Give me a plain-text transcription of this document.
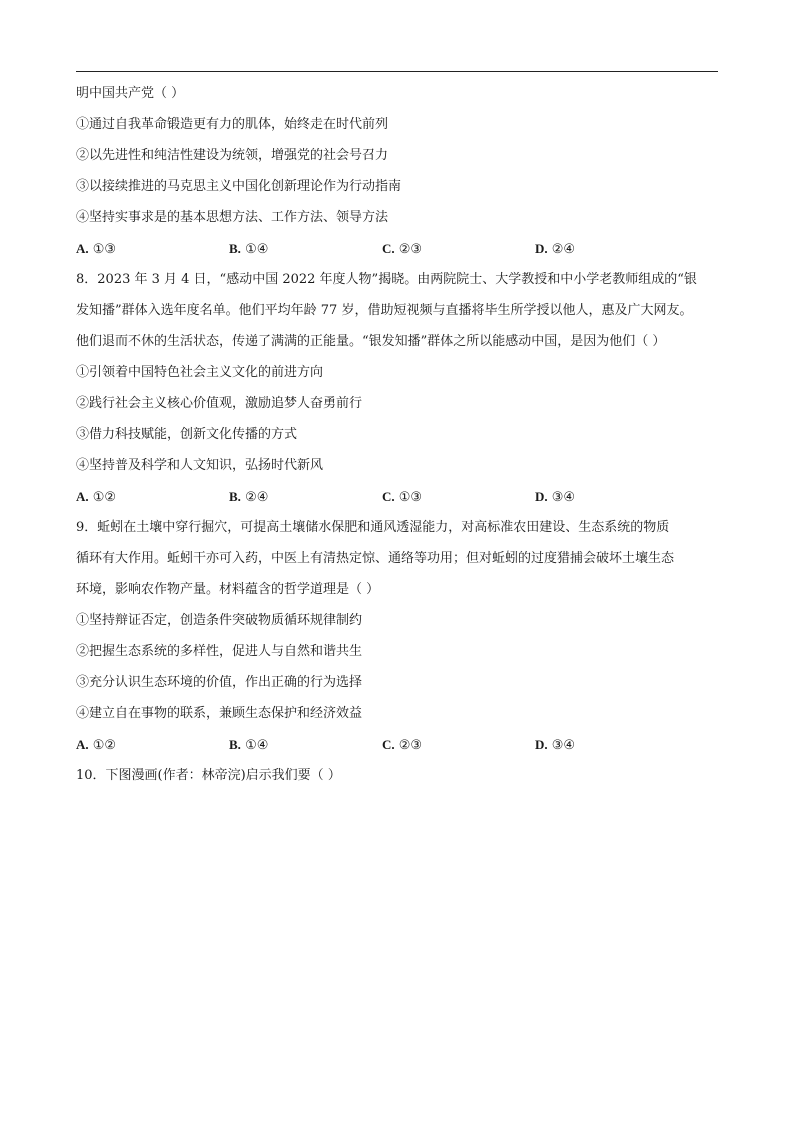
明中国共产党（ ）

①通过自我革命锻造更有力的肌体，始终走在时代前列

②以先进性和纯洁性建设为统领，增强党的社会号召力

③以接续推进的马克思主义中国化创新理论作为行动指南

④坚持实事求是的基本思想方法、工作方法、领导方法

A. ①③	B. ①④	C. ②③	D. ②④

8．2023 年 3 月 4 日，“感动中国 2022 年度人物”揭晓。由两院院士、大学教授和中小学老教师组成的“银

发知播”群体入选年度名单。他们平均年龄 77 岁，借助短视频与直播将毕生所学授以他人，惠及广大网友。

他们退而不休的生活状态，传递了满满的正能量。“银发知播”群体之所以能感动中国，是因为他们（ ）

①引领着中国特色社会主义文化的前进方向

②践行社会主义核心价值观，激励追梦人奋勇前行

③借力科技赋能，创新文化传播的方式

④坚持普及科学和人文知识，弘扬时代新风

A. ①②	B. ②④	C. ①③	D. ③④

9．蚯蚓在土壤中穿行掘穴，可提高土壤储水保肥和通风透湿能力，对高标准农田建设、生态系统的物质

循环有大作用。蚯蚓干亦可入药，中医上有清热定惊、通络等功用；但对蚯蚓的过度猎捕会破坏土壤生态

环境，影响农作物产量。材料蕴含的哲学道理是（ ）

①坚持辩证否定，创造条件突破物质循环规律制约

②把握生态系统的多样性，促进人与自然和谐共生

③充分认识生态环境的价值，作出正确的行为选择

④建立自在事物的联系，兼顾生态保护和经济效益

A. ①②	B. ①④	C. ②③	D. ③④

10．下图漫画(作者：林帝浣)启示我们要（ ）
